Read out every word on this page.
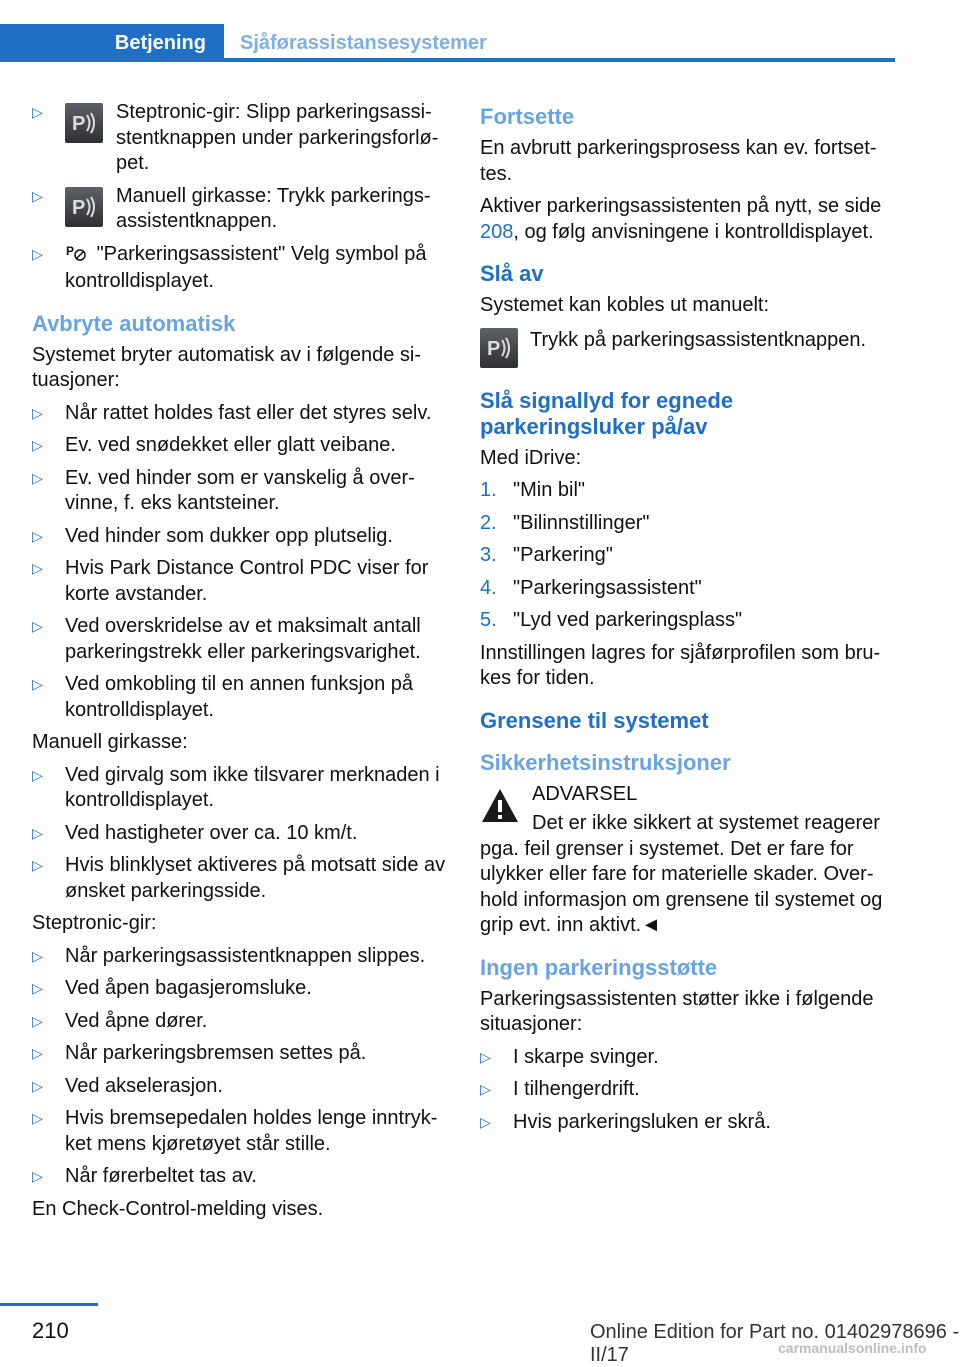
Betjening	Sjåførassistansesystemer
▷
P
Steptronic-gir: Slipp parkeringsassistentknappen under parkeringsforløpet.
▷
P
Manuell girkasse: Trykk parkeringsassistentknappen.
▷ P "Parkeringsassistent" Velg symbol på kontrolldisplayet.
Avbryte automatisk

Systemet bryter automatisk av i følgende situasjoner:

▷ Når rattet holdes fast eller det styres selv.
▷ Ev. ved snødekket eller glatt veibane.
▷ Ev. ved hinder som er vanskelig å overvinne, f. eks kantsteiner.
▷ Ved hinder som dukker opp plutselig.
▷ Hvis Park Distance Control PDC viser for korte avstander.
▷ Ved overskridelse av et maksimalt antall parkeringstrekk eller parkeringsvarighet.
▷ Ved omkobling til en annen funksjon på kontrolldisplayet.

Manuell girkasse:

▷ Ved girvalg som ikke tilsvarer merknaden i kontrolldisplayet.
▷ Ved hastigheter over ca. 10 km/t.
▷ Hvis blinklyset aktiveres på motsatt side av ønsket parkeringsside.

Steptronic-gir:

▷ Når parkeringsassistentknappen slippes.
▷ Ved åpen bagasjeromsluke.
▷ Ved åpne dører.
▷ Når parkeringsbremsen settes på.
▷ Ved akselerasjon.
▷ Hvis bremsepedalen holdes lenge inntrykket mens kjøretøyet står stille.
▷ Når førerbeltet tas av.

En Check-Control-melding vises.

Fortsette

En avbrutt parkeringsprosess kan ev. fortsettes.

Aktiver parkeringsassistenten på nytt, se side 208, og følg anvisningene i kontrolldisplayet.

Slå av

Systemet kan kobles ut manuelt:

P Trykk på parkeringsassistentknappen.

Slå signallyd for egnede parkeringsluker på/av

Med iDrive:

1. "Min bil"
2. "Bilinnstillinger"
3. "Parkering"
4. "Parkeringsassistent"
5. "Lyd ved parkeringsplass"

Innstillingen lagres for sjåførprofilen som brukes for tiden.

Grensene til systemet
Sikkerhetsinstruksjoner

ADVARSEL

Det er ikke sikkert at systemet reagerer pga. feil grenser i systemet. Det er fare for ulykker eller fare for materielle skader. Overhold informasjon om grensene til systemet og grip evt. inn aktivt.◄

Ingen parkeringsstøtte

Parkeringsassistenten støtter ikke i følgende situasjoner:

▷ I skarpe svinger.
▷ I tilhengerdrift.
▷ Hvis parkeringsluken er skrå.
210	Online Edition for Part no. 01402978696 - II/17	carmanualsonline.info
